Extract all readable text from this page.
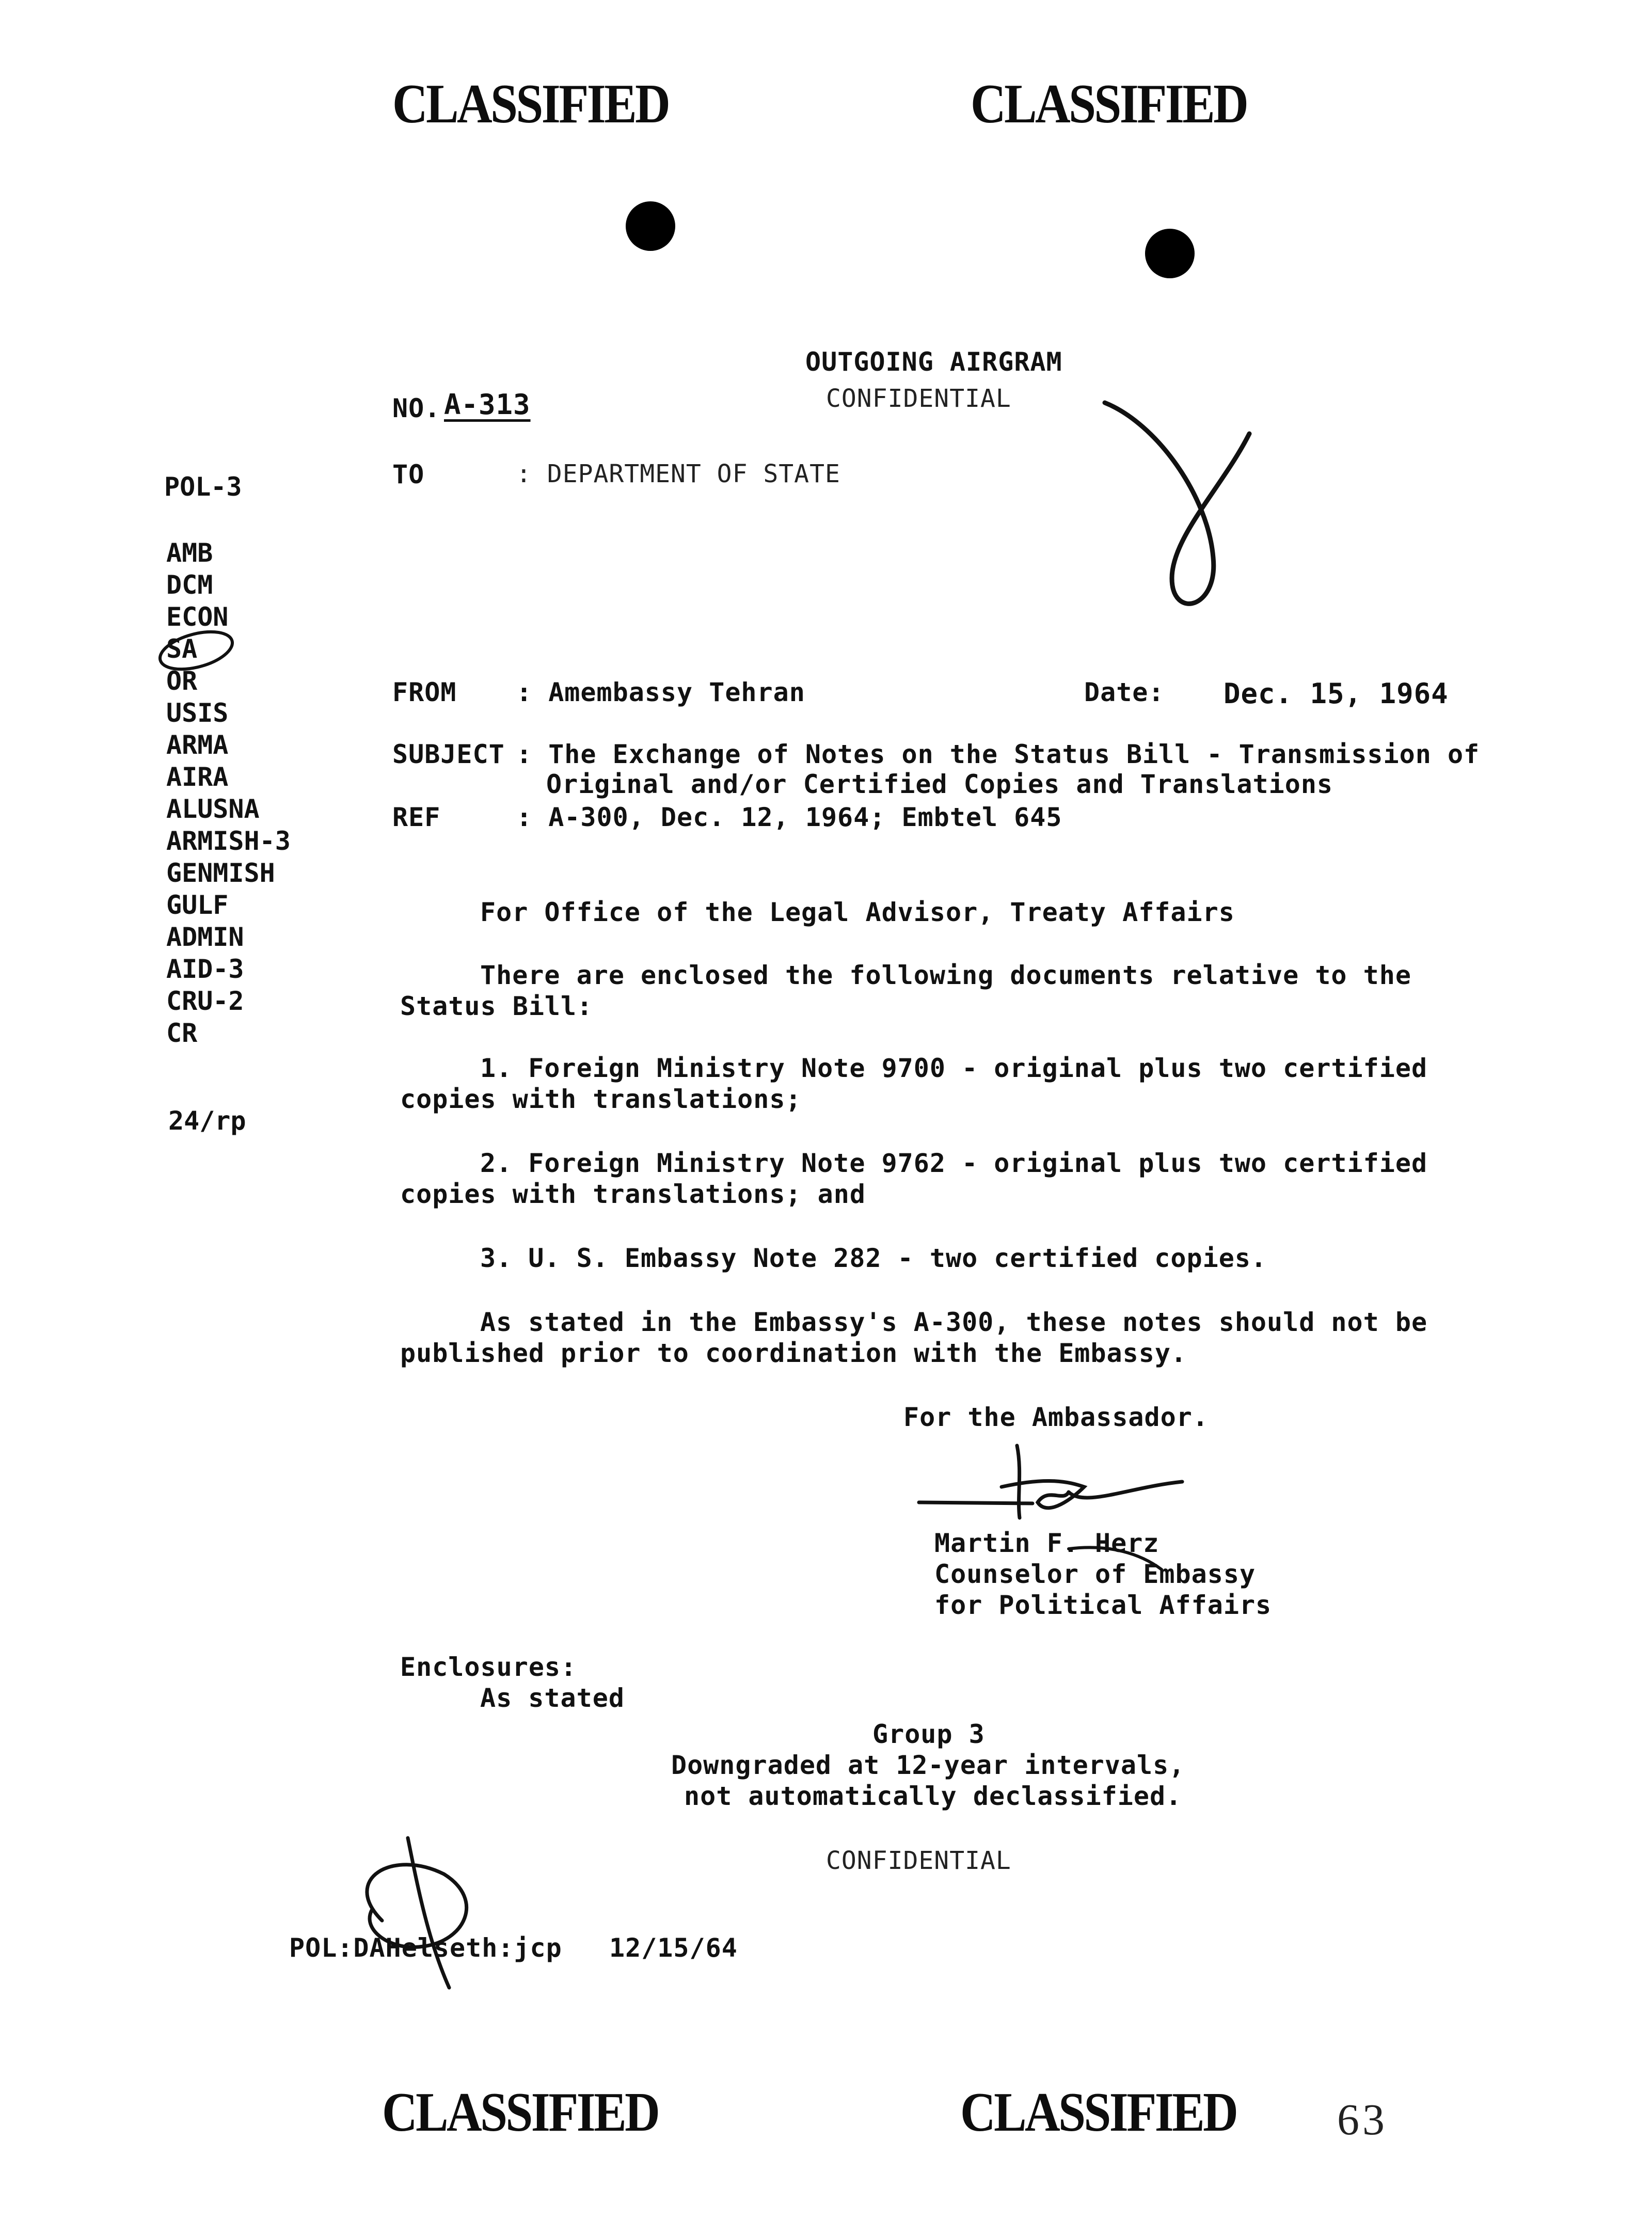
CLASSIFIED	CLASSIFIED
CLASSIFIED	CLASSIFIED 63
OUTGOING AIRGRAM
CONFIDENTIAL
NO. A-313
POL-3
AMB
DCM
ECON
SA
OR
USIS
ARMA
AIRA
ALUSNA
ARMISH-3
GENMISH
GULF
ADMIN
AID-3
CRU-2
CR
24/rp
TO	: DEPARTMENT OF STATE
FROM : Amembassy Tehran	Date: Dec. 15, 1964
SUBJECT : The Exchange of Notes on the Status Bill - Transmission of
Original and/or Certified Copies and Translations
REF	: A-300, Dec. 12, 1964; Embtel 645
For Office of the Legal Advisor, Treaty Affairs
There are enclosed the following documents relative to the
Status Bill:
1. Foreign Ministry Note 9700 - original plus two certified
copies with translations;
2. Foreign Ministry Note 9762 - original plus two certified
copies with translations; and
3. U. S. Embassy Note 282 - two certified copies.
As stated in the Embassy's A-300, these notes should not be
published prior to coordination with the Embassy.
For the Ambassador.
Martin F. Herz
Counselor of Embassy
for Political Affairs
Enclosures:
As stated
Group 3
Downgraded at 12-year intervals,
not automatically declassified.
CONFIDENTIAL
POL:DAHelseth:jcp 12/15/64
